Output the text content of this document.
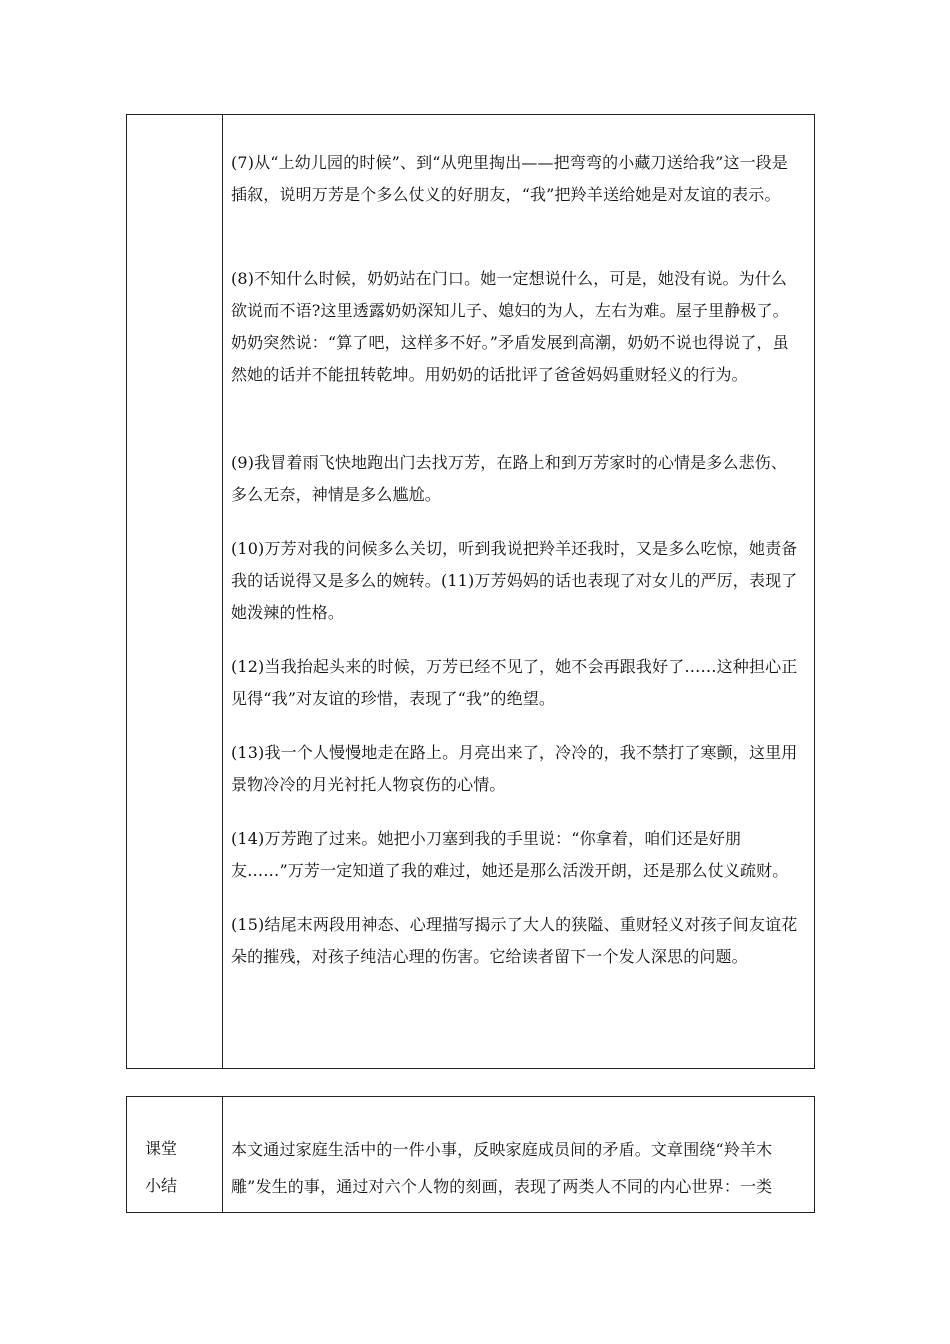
(7)从“上幼儿园的时候”、到“从兜里掏出——把弯弯的小藏刀送给我”这一段是插叙，说明万芳是个多么仗义的好朋友，“我”把羚羊送给她是对友谊的表示。
(8)不知什么时候，奶奶站在门口。她一定想说什么，可是，她没有说。为什么欲说而不语?这里透露奶奶深知儿子、媳妇的为人，左右为难。屋子里静极了。奶奶突然说：“算了吧，这样多不好。”矛盾发展到高潮，奶奶不说也得说了，虽然她的话并不能扭转乾坤。用奶奶的话批评了爸爸妈妈重财轻义的行为。
(9)我冒着雨飞快地跑出门去找万芳，在路上和到万芳家时的心情是多么悲伤、多么无奈，神情是多么尴尬。
(10)万芳对我的问候多么关切，听到我说把羚羊还我时，又是多么吃惊，她责备我的话说得又是多么的婉转。(11)万芳妈妈的话也表现了对女儿的严厉，表现了她泼辣的性格。
(12)当我抬起头来的时候，万芳已经不见了，她不会再跟我好了……这种担心正见得“我”对友谊的珍惜，表现了“我”的绝望。
(13)我一个人慢慢地走在路上。月亮出来了，冷冷的，我不禁打了寒颤，这里用景物冷冷的月光衬托人物哀伤的心情。
(14)万芳跑了过来。她把小刀塞到我的手里说：“你拿着，咱们还是好朋友……”万芳一定知道了我的难过，她还是那么活泼开朗，还是那么仗义疏财。
(15)结尾末两段用神态、心理描写揭示了大人的狭隘、重财轻义对孩子间友谊花朵的摧残，对孩子纯洁心理的伤害。它给读者留下一个发人深思的问题。
课堂
小结
本文通过家庭生活中的一件小事，反映家庭成员间的矛盾。文章围绕“羚羊木雕”发生的事，通过对六个人物的刻画，表现了两类人不同的内心世界：一类
